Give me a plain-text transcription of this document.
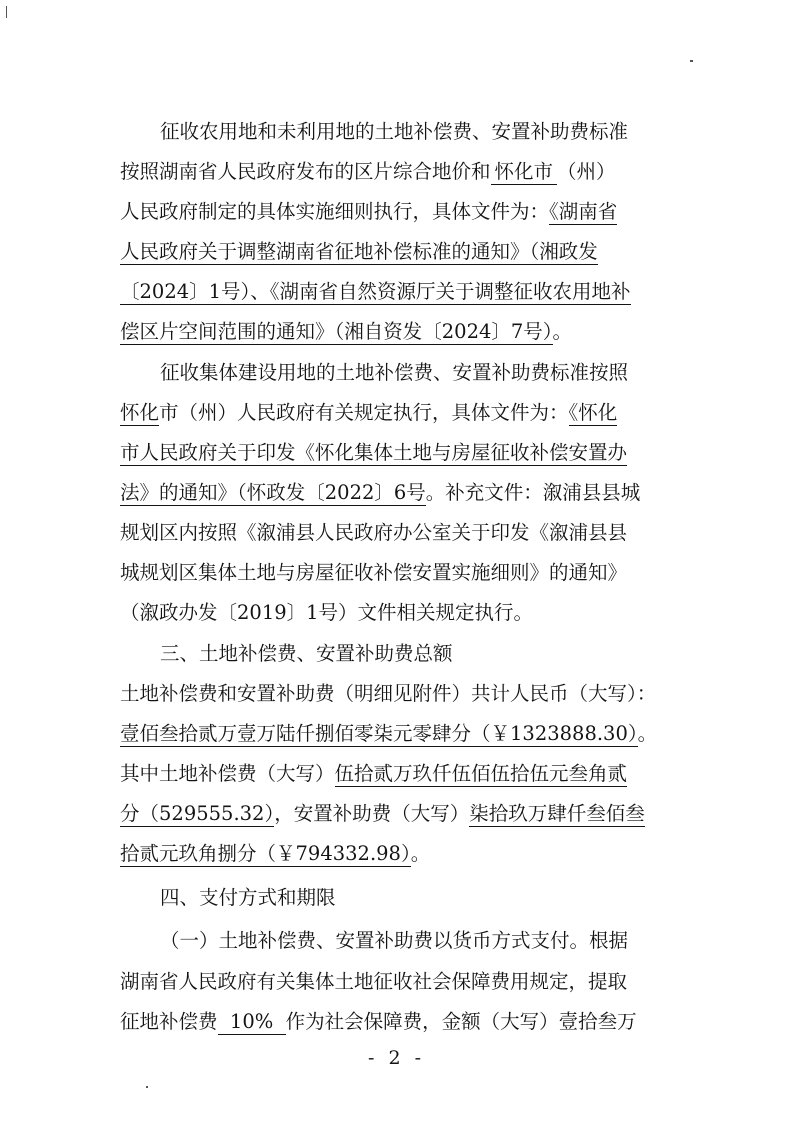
征收农用地和未利用地的土地补偿费、安置补助费标准
按照湖南省人民政府发布的区片综合地价和 怀化市 （州）
人民政府制定的具体实施细则执行，具体文件为：《湖南省
人民政府关于调整湖南省征地补偿标准的通知》（湘政发
〔2024〕1号）、《湖南省自然资源厅关于调整征收农用地补
偿区片空间范围的通知》（湘自资发〔2024〕7号）。
征收集体建设用地的土地补偿费、安置补助费标准按照
怀化市（州）人民政府有关规定执行，具体文件为：《怀化
市人民政府关于印发《怀化集体土地与房屋征收补偿安置办
法》的通知》（怀政发〔2022〕6号。补充文件：溆浦县县城
规划区内按照《溆浦县人民政府办公室关于印发《溆浦县县
城规划区集体土地与房屋征收补偿安置实施细则》的通知》
（溆政办发〔2019〕1号）文件相关规定执行。
三、土地补偿费、安置补助费总额
土地补偿费和安置补助费（明细见附件）共计人民币（大写）：
壹佰叁拾贰万壹万陆仟捌佰零柒元零肆分（￥1323888.30）。
其中土地补偿费（大写）伍拾贰万玖仟伍佰伍拾伍元叁角贰
分（529555.32），安置补助费（大写）柒拾玖万肆仟叁佰叁
拾贰元玖角捌分（￥794332.98）。
四、支付方式和期限
（一）土地补偿费、安置补助费以货币方式支付。根据
湖南省人民政府有关集体土地征收社会保障费用规定，提取
征地补偿费  10%  作为社会保障费，金额（大写）壹拾叁万
- 2 -
